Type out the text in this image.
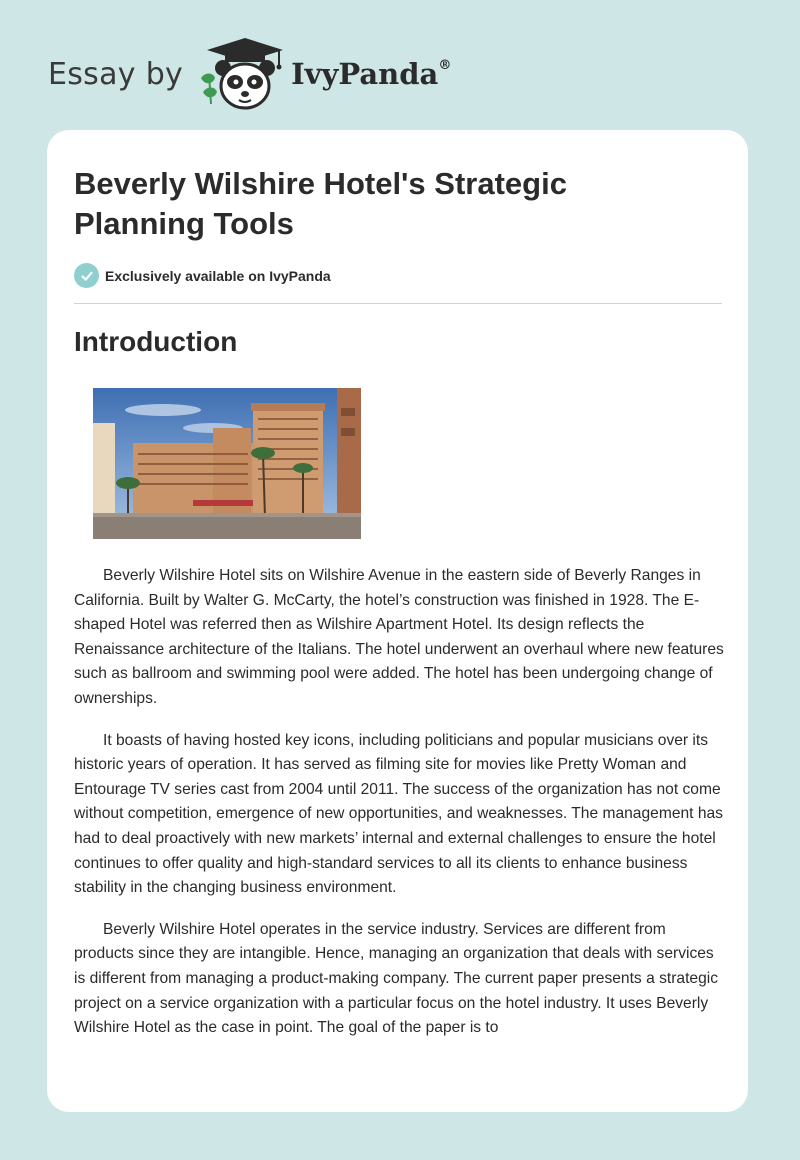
Essay by	IvyPanda®
Beverly Wilshire Hotel's Strategic Planning Tools
Exclusively available on IvyPanda
Introduction

Beverly Wilshire Hotel sits on Wilshire Avenue in the eastern side of Beverly Ranges in California. Built by Walter G. McCarty, the hotel’s construction was finished in 1928. The E-shaped Hotel was referred then as Wilshire Apartment Hotel. Its design reflects the Renaissance architecture of the Italians. The hotel underwent an overhaul where new features such as ballroom and swimming pool were added. The hotel has been undergoing change of ownerships.

It boasts of having hosted key icons, including politicians and popular musicians over its historic years of operation. It has served as filming site for movies like Pretty Woman and Entourage TV series cast from 2004 until 2011. The success of the organization has not come without competition, emergence of new opportunities, and weaknesses. The management has had to deal proactively with new markets’ internal and external challenges to ensure the hotel continues to offer quality and high-standard services to all its clients to enhance business stability in the changing business environment.

Beverly Wilshire Hotel operates in the service industry. Services are different from products since they are intangible. Hence, managing an organization that deals with services is different from managing a product-making company. The current paper presents a strategic project on a service organization with a particular focus on the hotel industry. It uses Beverly Wilshire Hotel as the case in point. The goal of the paper is to
